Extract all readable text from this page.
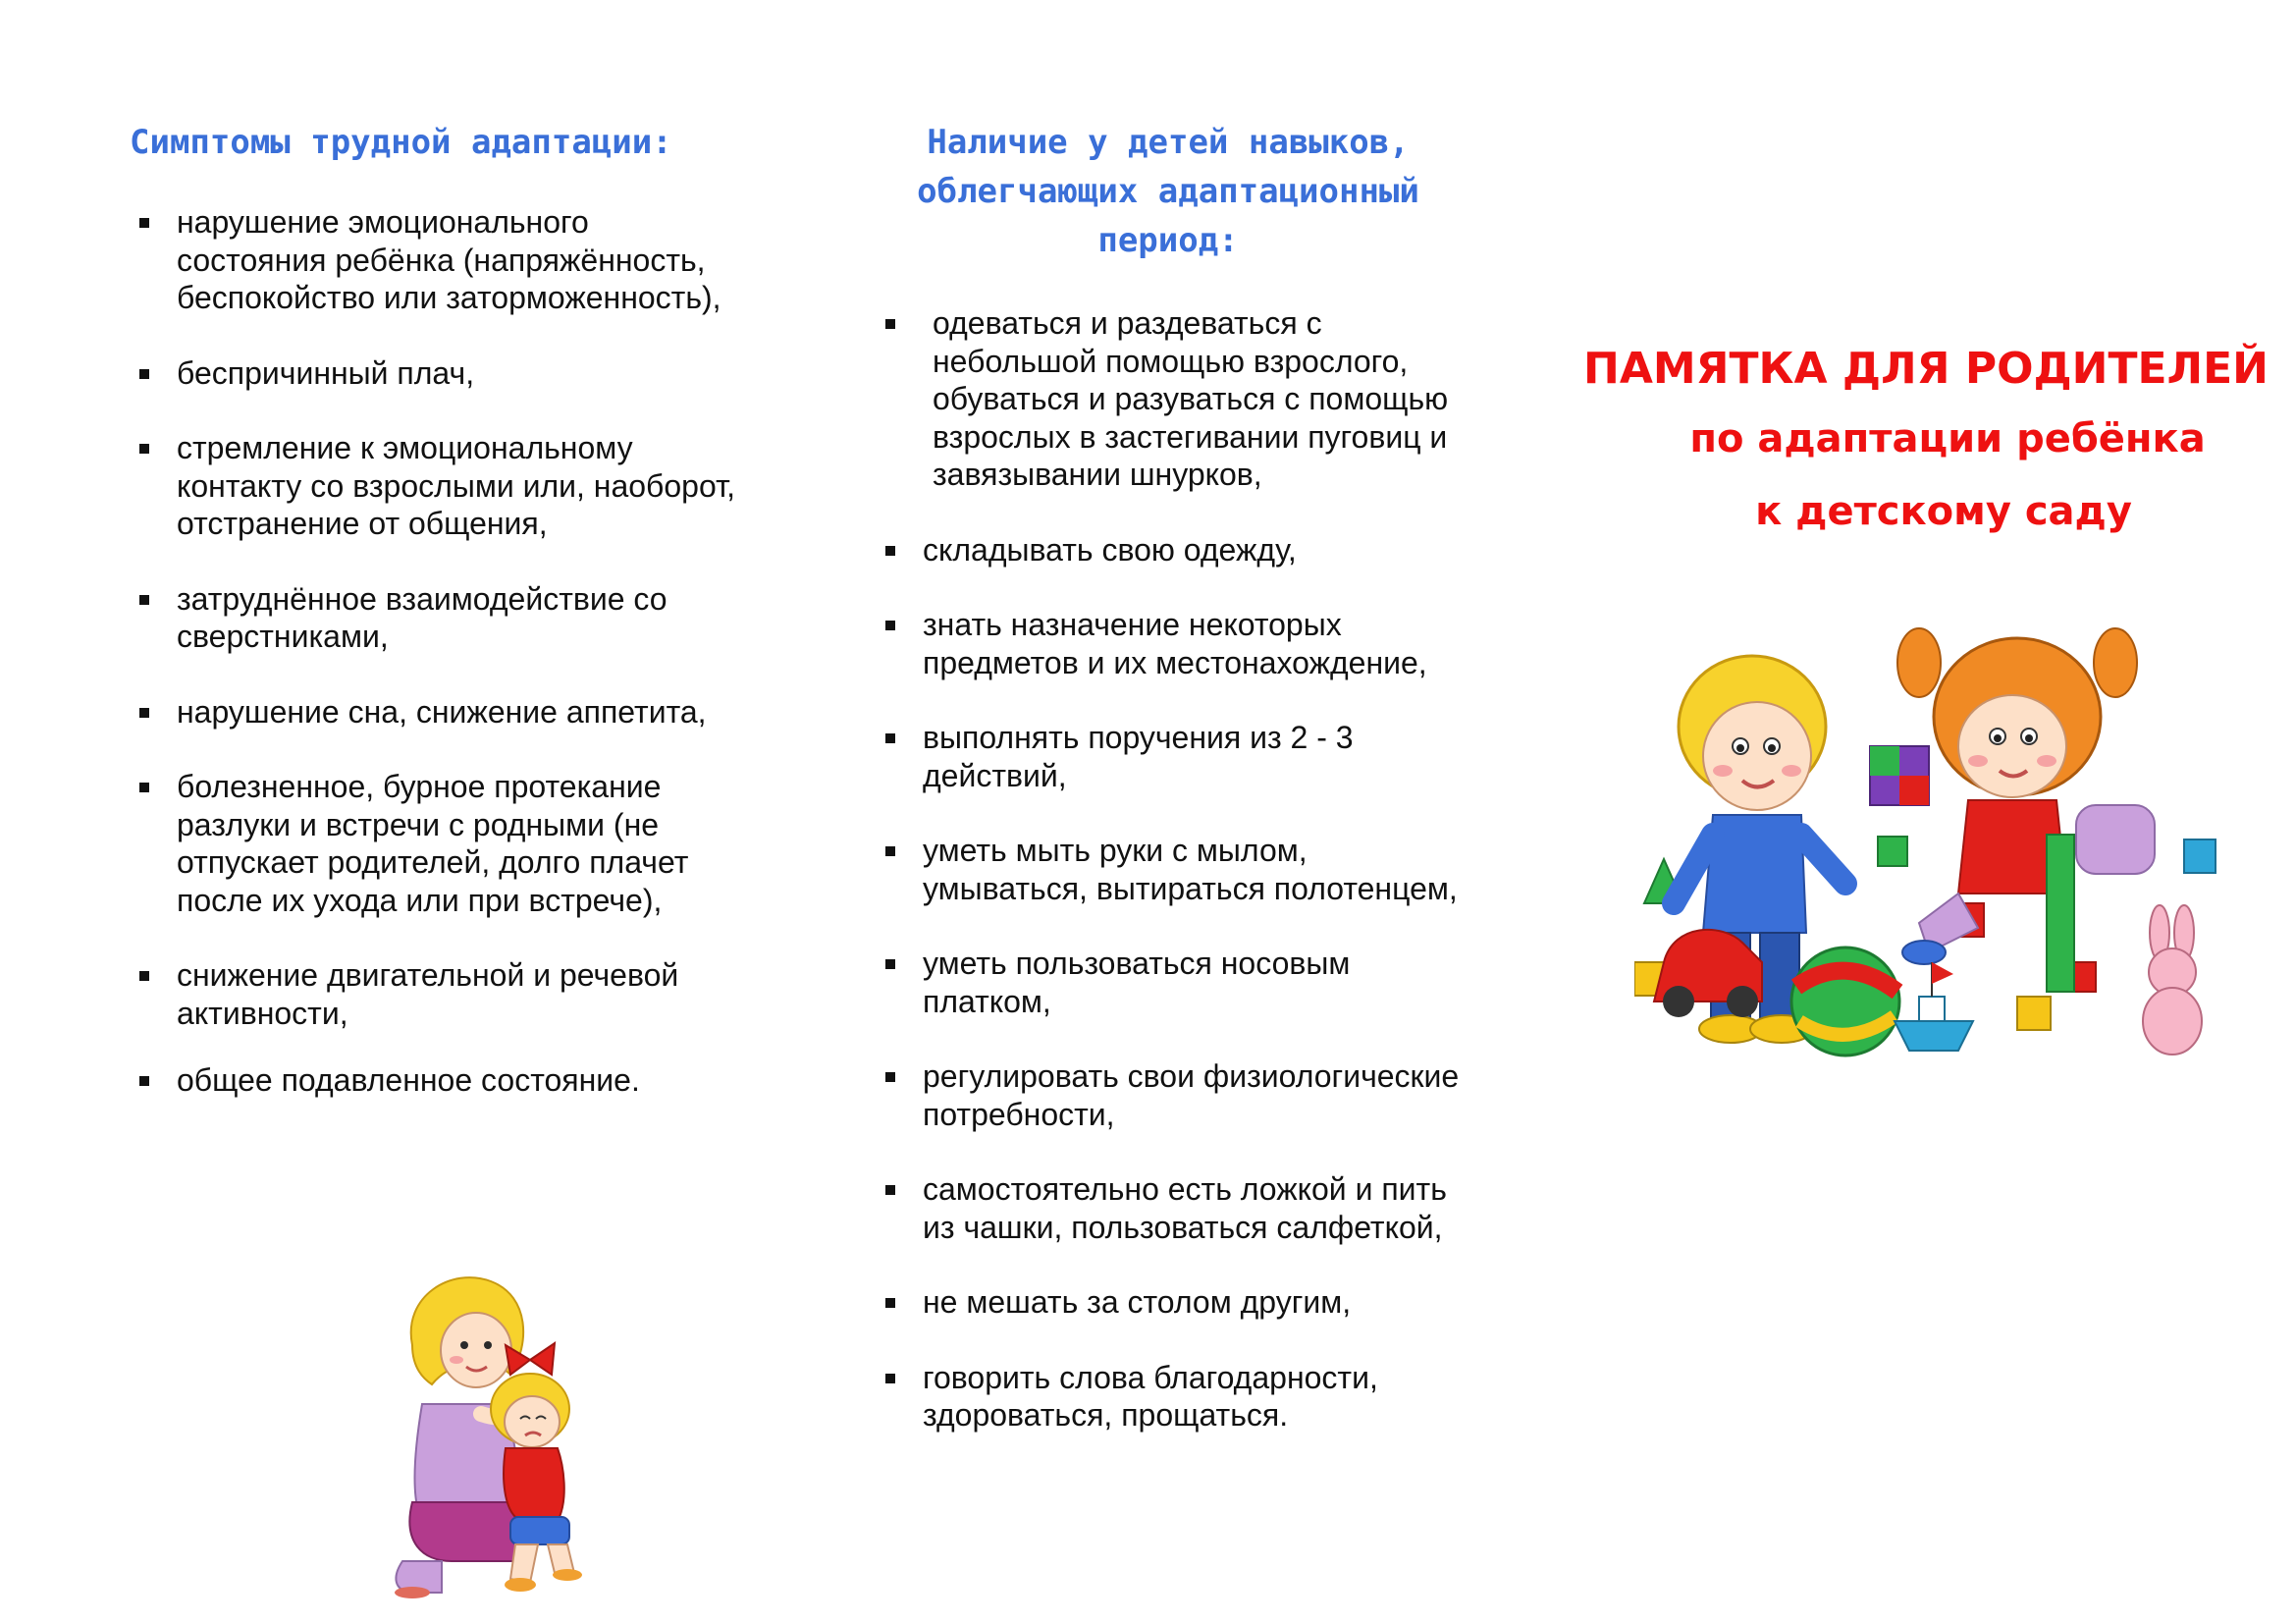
Симптомы трудной адаптации:
нарушение эмоционального состояния ребёнка (напряжённость, беспокойство или заторможенность),
беспричинный плач,
стремление к эмоциональному контакту со взрослыми или, наоборот, отстранение от общения,
затруднённое взаимодействие со сверстниками,
нарушение сна, снижение аппетита,
болезненное, бурное протекание разлуки и встречи с родными (не отпускает родителей, долго плачет после их ухода или при встрече),
снижение двигательной и речевой активности,
общее подавленное состояние.
Наличие у детей навыков,
облегчающих адаптационный
период:
одеваться и раздеваться с небольшой помощью взрослого, обуваться и разуваться с помощью взрослых в застегивании пуговиц и завязывании шнурков,
складывать свою одежду,
знать назначение некоторых предметов и их местонахождение,
выполнять поручения из 2 - 3 действий,
уметь мыть руки с мылом, умываться, вытираться полотенцем,
уметь пользоваться носовым платком,
регулировать свои физиологические потребности,
самостоятельно есть ложкой и пить из чашки, пользоваться салфеткой,
не мешать за столом другим,
говорить слова благодарности, здороваться, прощаться.
ПАМЯТКА ДЛЯ РОДИТЕЛЕЙ
по адаптации ребёнка
к детскому саду
